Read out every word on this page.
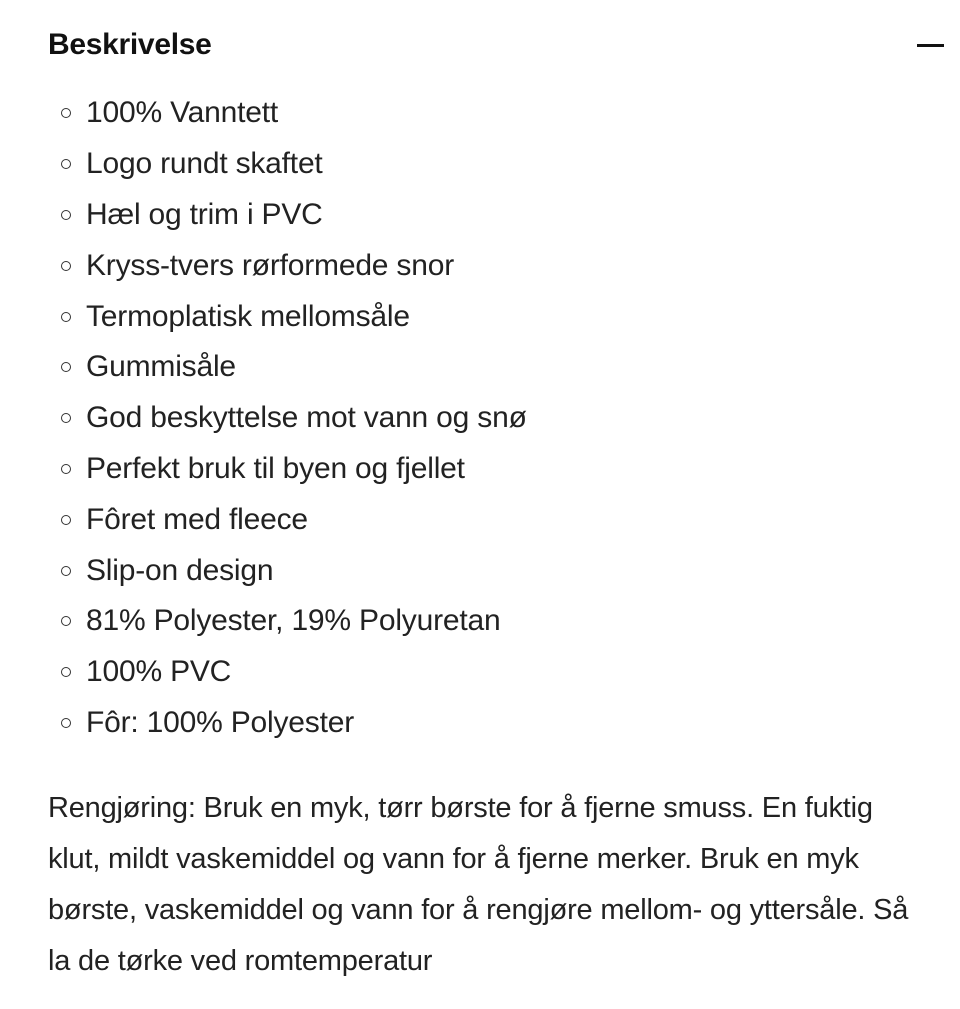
Beskrivelse
100% Vanntett
Logo rundt skaftet
Hæl og trim i PVC
Kryss-tvers rørformede snor
Termoplatisk mellomsåle
Gummisåle
God beskyttelse mot vann og snø
Perfekt bruk til byen og fjellet
Fôret med fleece
Slip-on design
81% Polyester, 19% Polyuretan
100% PVC
Fôr: 100% Polyester

Rengjøring: Bruk en myk, tørr børste for å fjerne smuss. En fuktig klut, mildt vaskemiddel og vann for å fjerne merker. Bruk en myk børste, vaskemiddel og vann for å rengjøre mellom- og yttersåle. Så la de tørke ved romtemperatur
